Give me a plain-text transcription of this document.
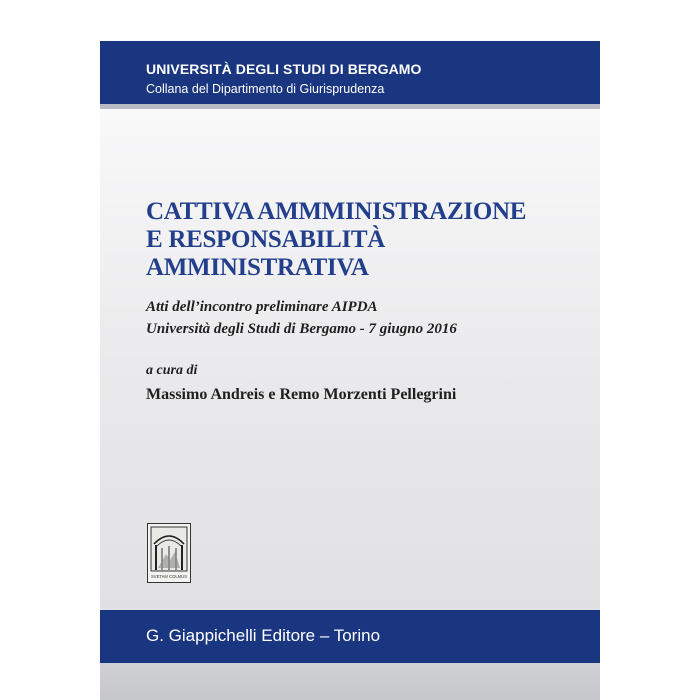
UNIVERSITÀ DEGLI STUDI DI BERGAMO
Collana del Dipartimento di Giurisprudenza
CATTIVA AMMMINISTRAZIONE
E RESPONSABILITÀ
AMMINISTRATIVA
Atti dell’incontro preliminare AIPDA
Università degli Studi di Bergamo - 7 giugno 2016
a cura di
Massimo Andreis e Remo Morzenti Pellegrini
SVETAM COLMUS
G. Giappichelli Editore – Torino
